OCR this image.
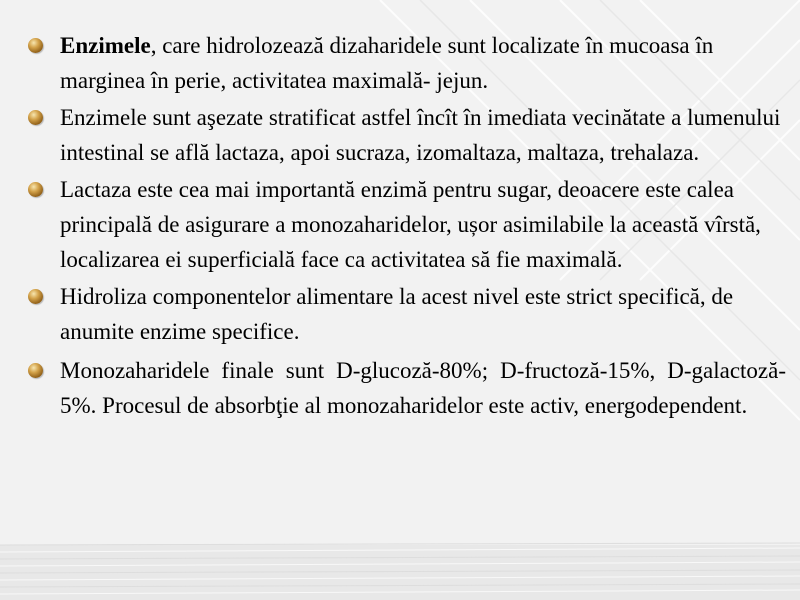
Enzimele, care hidrolozează dizaharidele sunt localizate în mucoasa în marginea în perie, activitatea maximală- jejun.
Enzimele sunt aşezate stratificat astfel încît în imediata vecinătate a lumenului intestinal se află lactaza, apoi sucraza, izomaltaza, maltaza, trehalaza.
Lactaza este cea mai importantă enzimă pentru sugar, deoacere este calea principală de asigurare a monozaharidelor, ușor asimilabile la această vîrstă, localizarea ei superficială face ca activitatea să fie maximală.
Hidroliza componentelor alimentare la acest nivel este strict specifică, de anumite enzime specifice.
Monozaharidele finale sunt D-glucoză-80%; D-fructoză-15%, D-galactoză- 5%. Procesul de absorbţie al monozaharidelor este activ, energodependent.
